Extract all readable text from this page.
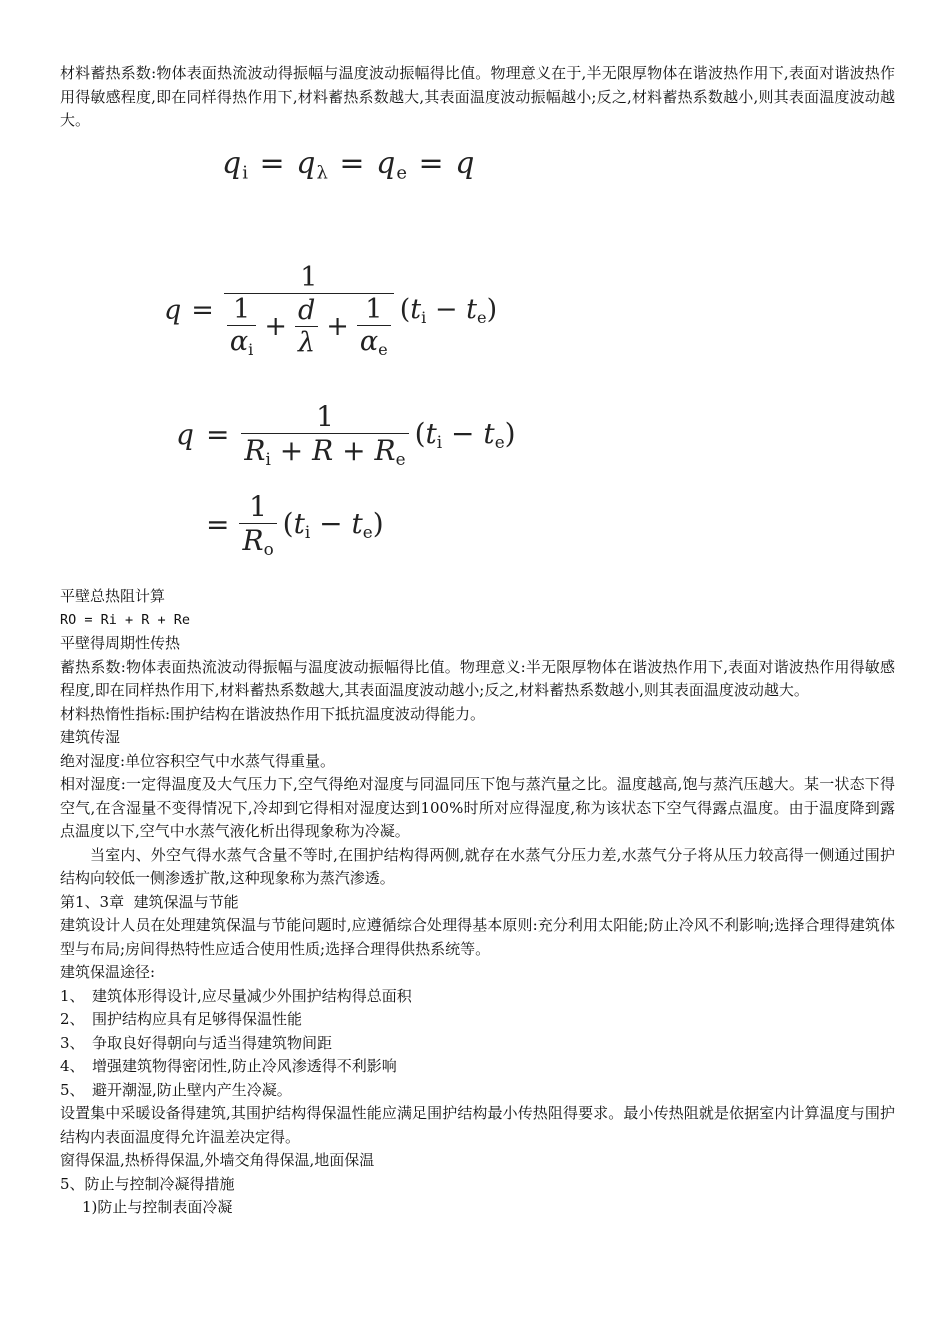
材料蓄热系数:物体表面热流波动得振幅与温度波动振幅得比值。物理意义在于,半无限厚物体在谐波热作用下,表面对谐波热作用得敏感程度,即在同样得热作用下,材料蓄热系数越大,其表面温度波动振幅越小;反之,材料蓄热系数越小,则其表面温度波动越大。

$q_i = q_\lambda = q_e = q$
q =
1
$\frac{1}{\alpha_i} + \frac{d}{\lambda} + \frac{1}{\alpha_e} (t_i - t_e)$
$q = \frac{1}{R_i + R + R_e} (t_i - t_e)$
= $\frac{1}{R_o} (t_i - t_e)$

平壁总热阻计算

RO = Ri + R + Re

平壁得周期性传热

蓄热系数:物体表面热流波动得振幅与温度波动振幅得比值。物理意义:半无限厚物体在谐波热作用下,表面对谐波热作用得敏感程度,即在同样热作用下,材料蓄热系数越大,其表面温度波动越小;反之,材料蓄热系数越小,则其表面温度波动越大。

材料热惰性指标:围护结构在谐波热作用下抵抗温度波动得能力。

建筑传湿

绝对湿度:单位容积空气中水蒸气得重量。

相对湿度:一定得温度及大气压力下,空气得绝对湿度与同温同压下饱与蒸汽量之比。温度越高,饱与蒸汽压越大。某一状态下得空气,在含湿量不变得情况下,冷却到它得相对湿度达到100%时所对应得湿度,称为该状态下空气得露点温度。由于温度降到露点温度以下,空气中水蒸气液化析出得现象称为冷凝。

当室内、外空气得水蒸气含量不等时,在围护结构得两侧,就存在水蒸气分压力差,水蒸气分子将从压力较高得一侧通过围护结构向较低一侧渗透扩散,这种现象称为蒸汽渗透。

第1、3章  建筑保温与节能

建筑设计人员在处理建筑保温与节能问题时,应遵循综合处理得基本原则:充分利用太阳能;防止冷风不利影响;选择合理得建筑体型与布局;房间得热特性应适合使用性质;选择合理得供热系统等。

建筑保温途径:

1、 建筑体形得设计,应尽量减少外围护结构得总面积

2、 围护结构应具有足够得保温性能

3、 争取良好得朝向与适当得建筑物间距

4、 增强建筑物得密闭性,防止冷风渗透得不利影响

5、 避开潮湿,防止壁内产生冷凝。

设置集中采暖设备得建筑,其围护结构得保温性能应满足围护结构最小传热阻得要求。最小传热阻就是依据室内计算温度与围护结构内表面温度得允许温差决定得。

窗得保温,热桥得保温,外墙交角得保温,地面保温

5、防止与控制冷凝得措施

1)防止与控制表面冷凝
